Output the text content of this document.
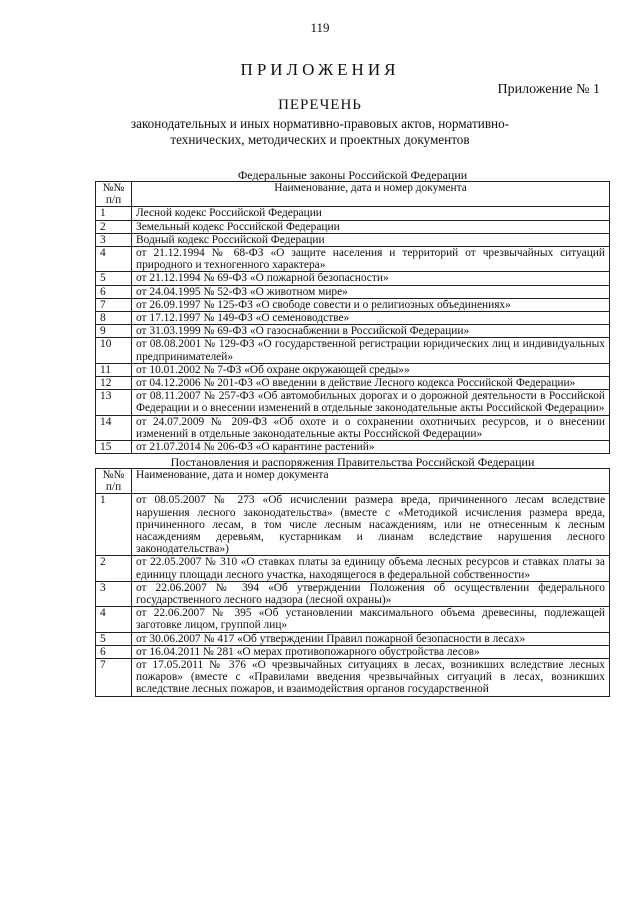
119
ПРИЛОЖЕНИЯ
Приложение № 1
ПЕРЕЧЕНЬ
законодательных и иных нормативно-правовых актов, нормативно-технических, методических и проектных документов
Федеральные законы Российской Федерации
№№
п/п	Наименование, дата и номер документа
1	Лесной кодекс Российской Федерации
2	Земельный кодекс Российской Федерации
3	Водный кодекс Российской Федерации
4	от 21.12.1994 № 68-ФЗ «О защите населения и территорий от чрезвычайных ситуаций природного и техногенного характера»
5	от 21.12.1994 № 69-ФЗ «О пожарной безопасности»
6	от 24.04.1995 № 52-ФЗ «О животном мире»
7	от 26.09.1997 № 125-ФЗ «О свободе совести и о религиозных объединениях»
8	от 17.12.1997 № 149-ФЗ «О семеноводстве»
9	от 31.03.1999 № 69-ФЗ «О газоснабжении в Российской Федерации»
10	от 08.08.2001 № 129-ФЗ «О государственной регистрации юридических лиц и индивидуальных предпринимателей»
11	от 10.01.2002 № 7-ФЗ «Об охране окружающей среды»»
12	от 04.12.2006 № 201-ФЗ «О введении в действие Лесного кодекса Российской Федерации»
13	от 08.11.2007 № 257-ФЗ «Об автомобильных дорогах и о дорожной деятельности в Российской Федерации и о внесении изменений в отдельные законодательные акты Российской Федерации»
14	от 24.07.2009 № 209-ФЗ «Об охоте и о сохранении охотничьих ресурсов, и о внесении изменений в отдельные законодательные акты Российской Федерации»
15	от 21.07.2014 № 206-ФЗ «О карантине растений»
Постановления и распоряжения Правительства Российской Федерации
№№
п/п	Наименование, дата и номер документа
1	от 08.05.2007 № 273 «Об исчислении размера вреда, причиненного лесам вследствие нарушения лесного законодательства» (вместе с «Методикой исчисления размера вреда, причиненного лесам, в том числе лесным насаждениям, или не отнесенным к лесным насаждениям деревьям, кустарникам и лианам вследствие нарушения лесного законодательства»)
2	от 22.05.2007 № 310 «О ставках платы за единицу объема лесных ресурсов и ставках платы за единицу площади лесного участка, находящегося в федеральной собственности»
3	от 22.06.2007 № 394 «Об утверждении Положения об осуществлении федерального государственного лесного надзора (лесной охраны)»
4	от 22.06.2007 № 395 «Об установлении максимального объема древесины, подлежащей заготовке лицом, группой лиц»
5	от 30.06.2007 № 417 «Об утверждении Правил пожарной безопасности в лесах»
6	от 16.04.2011 № 281 «О мерах противопожарного обустройства лесов»
7	от 17.05.2011 № 376 «О чрезвычайных ситуациях в лесах, возникших вследствие лесных пожаров» (вместе с «Правилами введения чрезвычайных ситуаций в лесах, возникших вследствие лесных пожаров, и взаимодействия органов государственной
